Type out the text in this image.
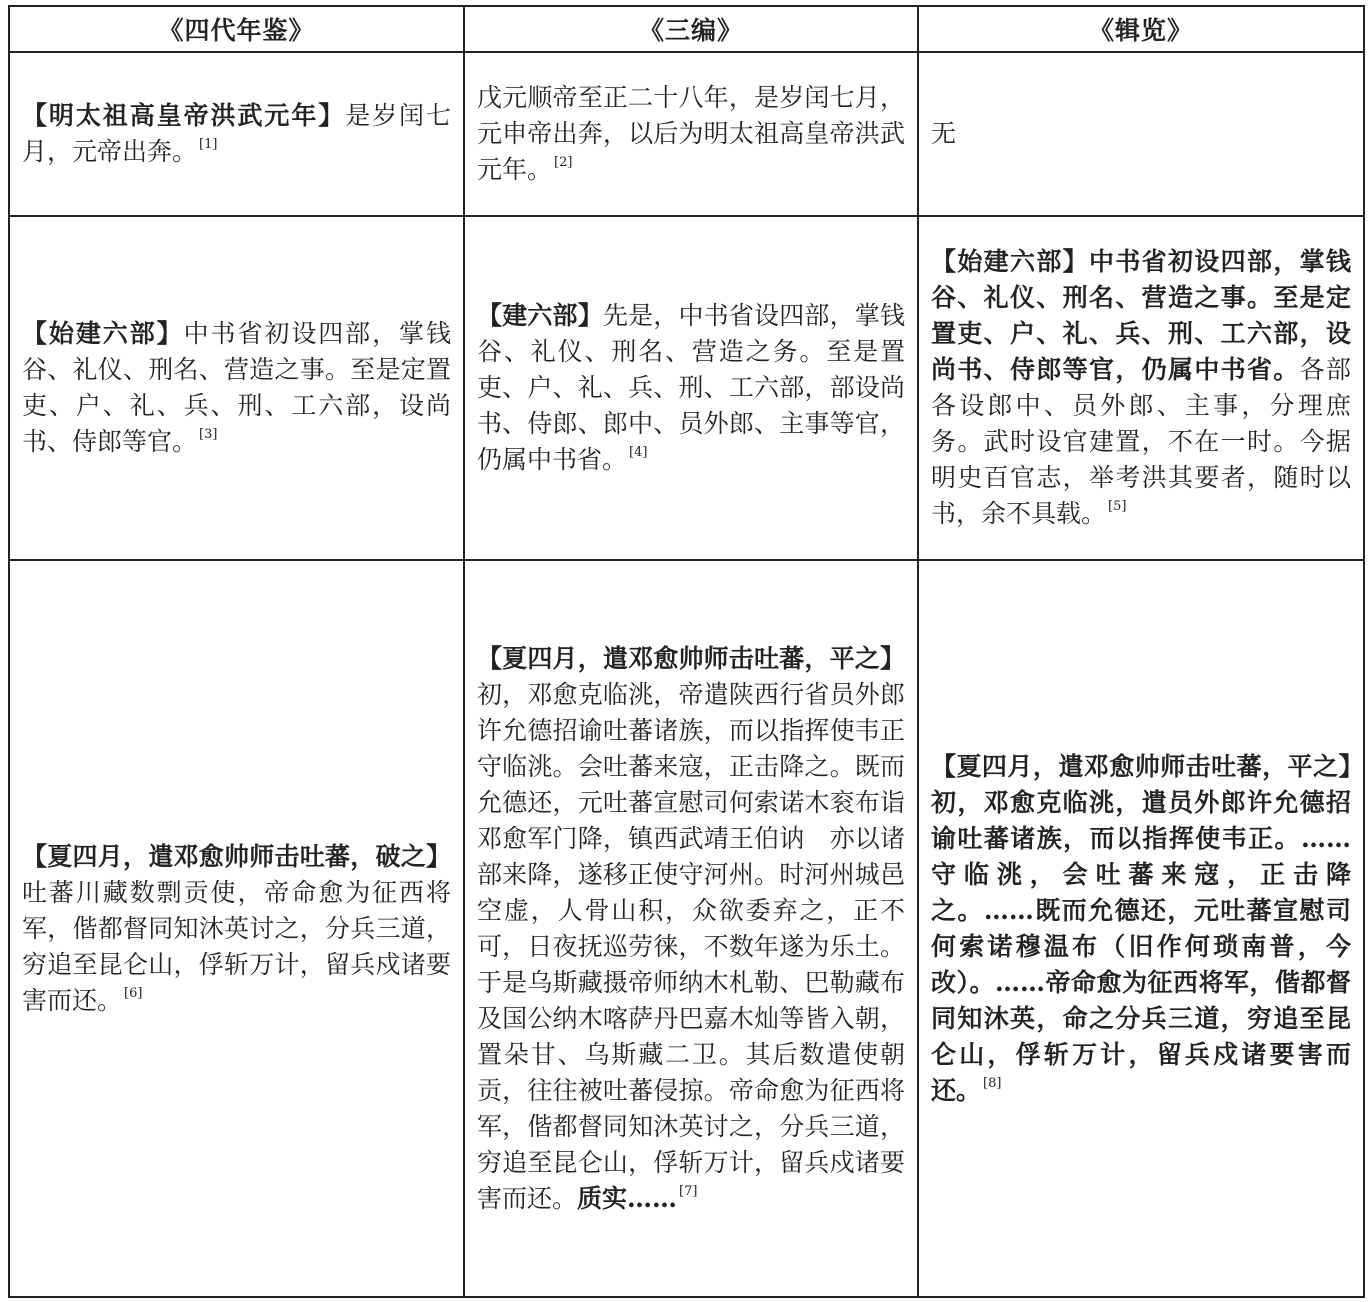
《四代年鉴》	《三编》	《辑览》
【明太祖高皇帝洪武元年】是岁闰七月，元帝出奔。 [1]	戊元顺帝至正二十八年，是岁闰七月，元申帝出奔，以后为明太祖高皇帝洪武元年。 [2]	无
【始建六部】中书省初设四部，掌钱谷、礼仪、刑名、营造之事。至是定置吏、户、礼、兵、刑、工六部，设尚书、侍郎等官。 [3]	【建六部】先是，中书省设四部，掌钱谷、礼仪、刑名、营造之务。至是置吏、户、礼、兵、刑、工六部，部设尚书、侍郎、郎中、员外郎、主事等官，仍属中书省。 [4]	【始建六部】中书省初设四部，掌钱谷、礼仪、刑名、营造之事。至是定置吏、户、礼、兵、刑、工六部，设尚书、侍郎等官，仍属中书省。各部各设郎中、员外郎、主事，分理庶务。武时设官建置，不在一时。今据明史百官志，举考洪其要者，随时以书，余不具载。 [5]
【夏四月，遣邓愈帅师击吐蕃，破之】吐蕃川藏数剽贡使，帝命愈为征西将军，偕都督同知沐英讨之，分兵三道，穷追至昆仑山，俘斩万计，留兵戍诸要害而还。 [6]	【夏四月，遣邓愈帅师击吐蕃，平之】初，邓愈克临洮，帝遣陕西行省员外郎许允德招谕吐蕃诸族，而以指挥使韦正守临洮。会吐蕃来寇，正击降之。既而允德还，元吐蕃宣慰司何索诺木衮布诣邓愈军门降，镇西武靖王伯讷　亦以诸部来降，遂移正使守河州。时河州城邑空虚，人骨山积，众欲委弃之，正不可，日夜抚巡劳徕，不数年遂为乐土。于是乌斯藏摄帝师纳木札勒、巴勒藏布及国公纳木喀萨丹巴嘉木灿等皆入朝，置朵甘、乌斯藏二卫。其后数遣使朝贡，往往被吐蕃侵掠。帝命愈为征西将军，偕都督同知沐英讨之，分兵三道，穷追至昆仑山，俘斩万计，留兵戍诸要害而还。质实…… [7]	【夏四月，遣邓愈帅师击吐蕃，平之】初，邓愈克临洮，遣员外郎许允德招谕吐蕃诸族，而以指挥使韦正。……守临洮，会吐蕃来寇，正击降之。……既而允德还，元吐蕃宣慰司何索诺穆温布（旧作何琐南普，今改）。……帝命愈为征西将军，偕都督同知沐英，命之分兵三道，穷追至昆仑山，俘斩万计，留兵戍诸要害而还。 [8]
